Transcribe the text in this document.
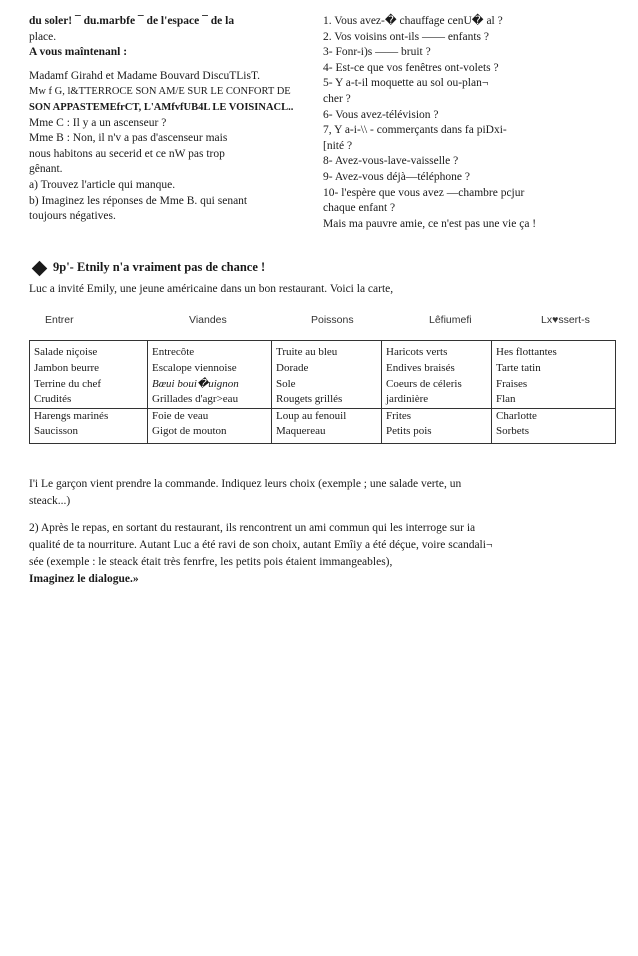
du soler! ¯ du.marbfe ¯ de l'espace ¯ de la
place.
A vous maîntenanl :
Madamf Girahd et Madame Bouvard DiscuTLisT.
Mw f G, l&TTERROCE SON AM/E SUR LE CONFORT DE
SON APPASTEMEfrCT, L'AMfvfUB4L LE VOISINACL..
Mme C : Il y a un ascenseur ?
Mme B : Non, il n'v a pas d'ascenseur mais
nous habitons au secerid et ce nW pas trop
gênant.
a) Trouvez l'article qui manque.
b) Imaginez les réponses de Mme B. qui senant
toujours négatives.
1. Vous avez-� chauffage cenU� al ?
2. Vos voisins ont-ils —— enfants ?
3- Fonr-i)s —— bruit ?
4- Est-ce que vos fenêtres ont-volets ?
5- Y a-t-il moquette au sol ou-plan¬
cher ?
6- Vous avez-télévision ?
7, Y a-i-\\ - commerçants dans fa piDxi-
[nité ?
8- Avez-vous-lave-vaisselle ?
9- Avez-vous déjà—téléphone ?
10- l'espère que vous avez —chambre pcjur
chaque enfant ?
Mais ma pauvre amie, ce n'est pas une vie ça !
9p'- Etnily n'a vraiment pas de chance !
Luc a invité Emily, une jeune américaine dans un bon restaurant. Voici la carte,
Entrer	Viandes	Poissons	Lêfiumefi	Lx♥ssert-s
Salade niçoise	Entrecôte	Truite au bleu	Haricots verts	Hes flottantes
Jambon beurre	Escalope viennoise	Dorade	Endives braisés	Tarte tatin
Terrine du chef	Bœui boui�uignon	Sole	Coeurs de céleris	Fraises
Crudités	Grillades d'agr>eau	Rougets grillés	jardinière	Flan
Harengs marinés	Foie de veau	Loup au fenouil	Frites	Charlotte
Saucisson	Gigot de mouton	Maquereau	Petits pois	Sorbets
I'i Le garçon vient prendre la commande. Indiquez leurs choix (exemple ; une salade verte, un
steack...)
2) Après le repas, en sortant du restaurant, ils rencontrent un ami commun qui les interroge sur ia
qualité de ta nourriture. Autant Luc a été ravi de son choix, autant Emîiy a été déçue, voire scandali¬
sée (exemple : le steack était très fenrfre, les petits pois étaient immangeables),
Imaginez le dialogue.»
